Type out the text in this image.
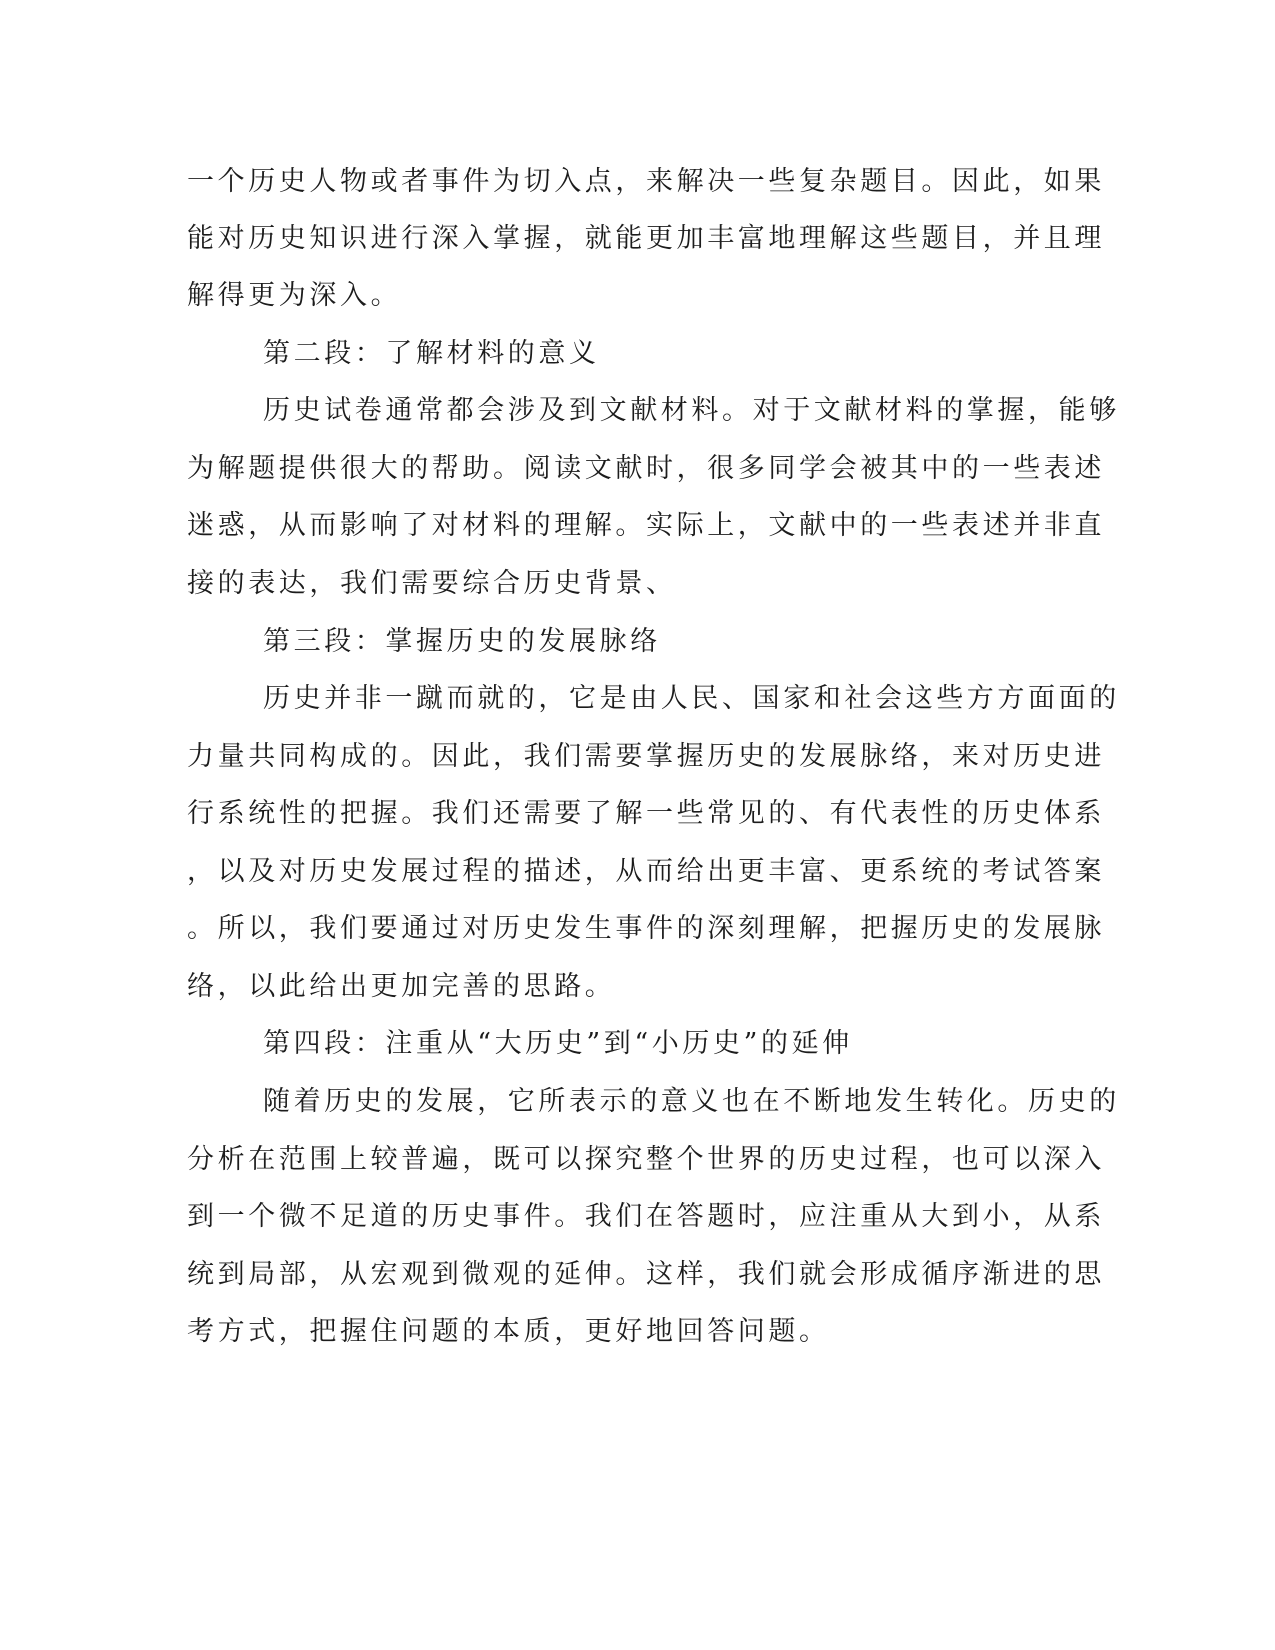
一个历史人物或者事件为切入点，来解决一些复杂题目。因此，如果
能对历史知识进行深入掌握，就能更加丰富地理解这些题目，并且理
解得更为深入。
第二段：了解材料的意义
历史试卷通常都会涉及到文献材料。对于文献材料的掌握，能够
为解题提供很大的帮助。阅读文献时，很多同学会被其中的一些表述
迷惑，从而影响了对材料的理解。实际上，文献中的一些表述并非直
接的表达，我们需要综合历史背景、
第三段：掌握历史的发展脉络
历史并非一蹴而就的，它是由人民、国家和社会这些方方面面的
力量共同构成的。因此，我们需要掌握历史的发展脉络，来对历史进
行系统性的把握。我们还需要了解一些常见的、有代表性的历史体系
，以及对历史发展过程的描述，从而给出更丰富、更系统的考试答案
。所以，我们要通过对历史发生事件的深刻理解，把握历史的发展脉
络，以此给出更加完善的思路。
第四段：注重从“大历史”到“小历史”的延伸
随着历史的发展，它所表示的意义也在不断地发生转化。历史的
分析在范围上较普遍，既可以探究整个世界的历史过程，也可以深入
到一个微不足道的历史事件。我们在答题时，应注重从大到小，从系
统到局部，从宏观到微观的延伸。这样，我们就会形成循序渐进的思
考方式，把握住问题的本质，更好地回答问题。
